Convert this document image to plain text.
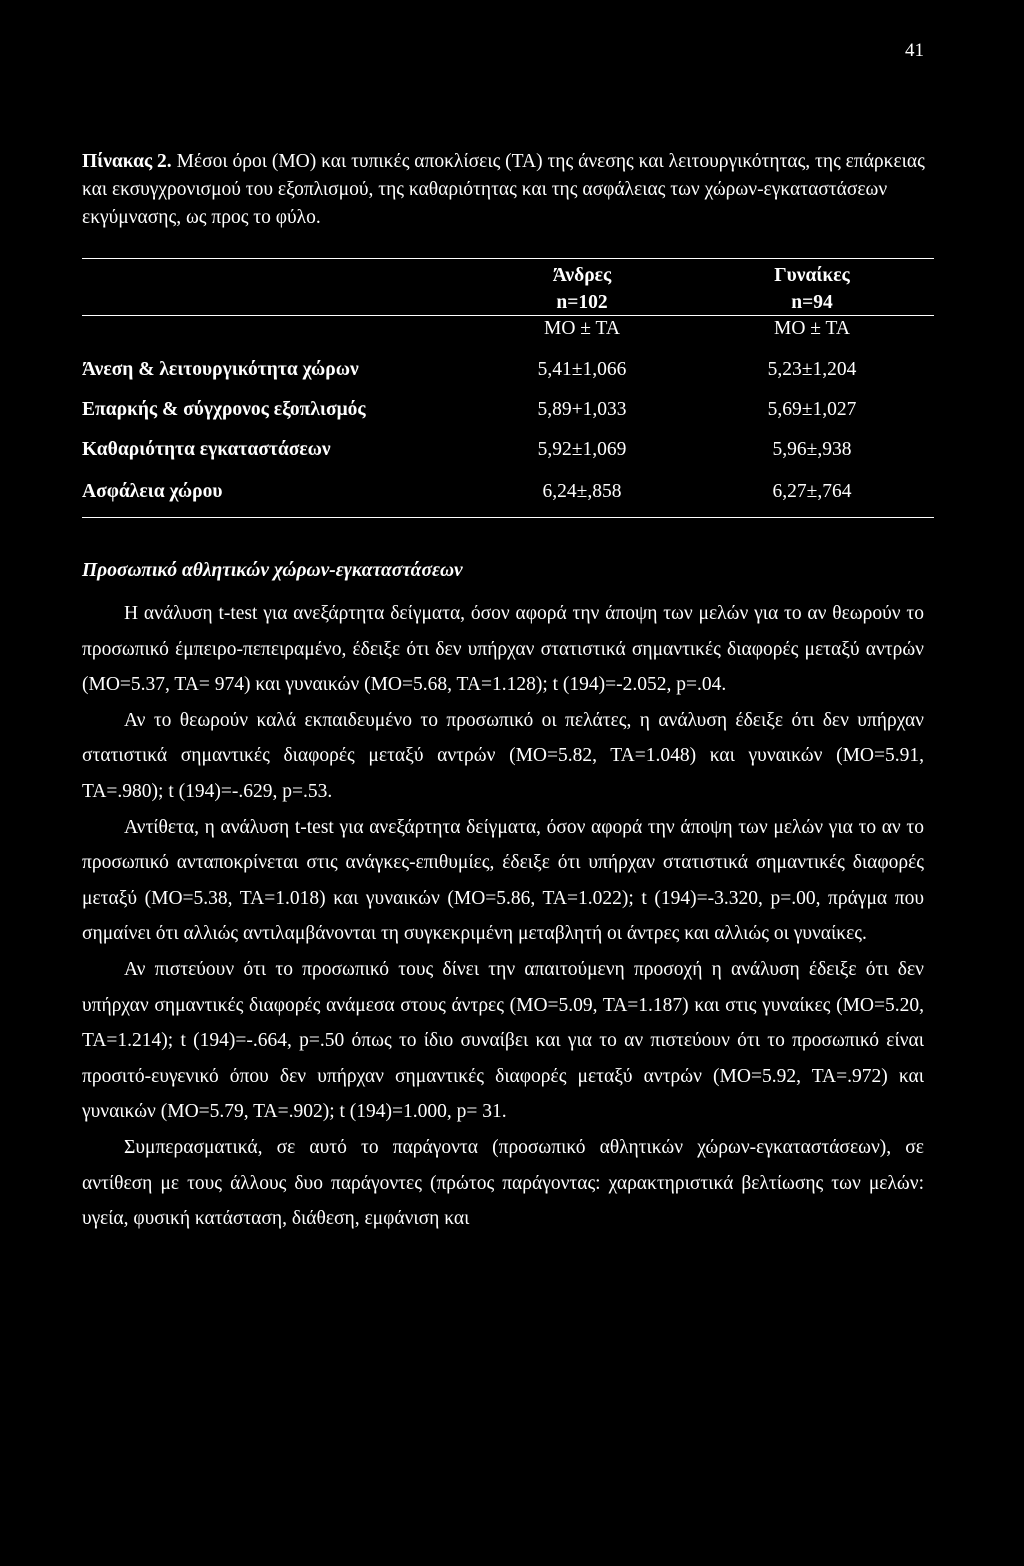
41
Πίνακας 2. Μέσοι όροι (ΜΟ) και τυπικές αποκλίσεις (ΤΑ) της άνεσης και λειτουργικότητας, της επάρκειας και εκσυγχρονισμού του εξοπλισμού, της καθαριότητας και της ασφάλειας των χώρων-εγκαταστάσεων εκγύμνασης, ως προς το φύλο.
Άνδρες
n=102
Γυναίκες
n=94
ΜΟ ± ΤΑ	ΜΟ ± ΤΑ
Άνεση & λειτουργικότητα χώρων	5,41±1,066	5,23±1,204
Επαρκής & σύγχρονος εξοπλισμός	5,89+1,033	5,69±1,027
Καθαριότητα εγκαταστάσεων	5,92±1,069	5,96±,938
Ασφάλεια χώρου	6,24±,858	6,27±,764
Προσωπικό αθλητικών χώρων-εγκαταστάσεων

Η ανάλυση t-test για ανεξάρτητα δείγματα, όσον αφορά την άποψη των μελών για το αν θεωρούν το προσωπικό έμπειρο-πεπειραμένο, έδειξε ότι δεν υπήρχαν στατιστικά σημαντικές διαφορές μεταξύ αντρών (ΜΟ=5.37, ΤΑ= 974) και γυναικών (ΜΟ=5.68, ΤΑ=1.128); t (194)=-2.052, p=.04.

Αν το θεωρούν καλά εκπαιδευμένο το προσωπικό οι πελάτες, η ανάλυση έδειξε ότι δεν υπήρχαν στατιστικά σημαντικές διαφορές μεταξύ αντρών (ΜΟ=5.82, ΤΑ=1.048) και γυναικών (ΜΟ=5.91, ΤΑ=.980); t (194)=-.629, p=.53.

Αντίθετα, η ανάλυση t-test για ανεξάρτητα δείγματα, όσον αφορά την άποψη των μελών για το αν το προσωπικό ανταποκρίνεται στις ανάγκες-επιθυμίες, έδειξε ότι υπήρχαν στατιστικά σημαντικές διαφορές μεταξύ (ΜΟ=5.38, ΤΑ=1.018) και γυναικών (ΜΟ=5.86, ΤΑ=1.022); t (194)=-3.320, p=.00, πράγμα που σημαίνει ότι αλλιώς αντιλαμβάνονται τη συγκεκριμένη μεταβλητή οι άντρες και αλλιώς οι γυναίκες.

Αν πιστεύουν ότι το προσωπικό τους δίνει την απαιτούμενη προσοχή η ανάλυση έδειξε ότι δεν υπήρχαν σημαντικές διαφορές ανάμεσα στους άντρες (ΜΟ=5.09, ΤΑ=1.187) και στις γυναίκες (ΜΟ=5.20, ΤΑ=1.214); t (194)=-.664, p=.50 όπως το ίδιο συναίβει και για το αν πιστεύουν ότι το προσωπικό είναι προσιτό-ευγενικό όπου δεν υπήρχαν σημαντικές διαφορές μεταξύ αντρών (ΜΟ=5.92, ΤΑ=.972) και γυναικών (ΜΟ=5.79, ΤΑ=.902); t (194)=1.000, p= 31.

Συμπερασματικά, σε αυτό το παράγοντα (προσωπικό αθλητικών χώρων-εγκαταστάσεων), σε αντίθεση με τους άλλους δυο παράγοντες (πρώτος παράγοντας: χαρακτηριστικά βελτίωσης των μελών: υγεία, φυσική κατάσταση, διάθεση, εμφάνιση και
